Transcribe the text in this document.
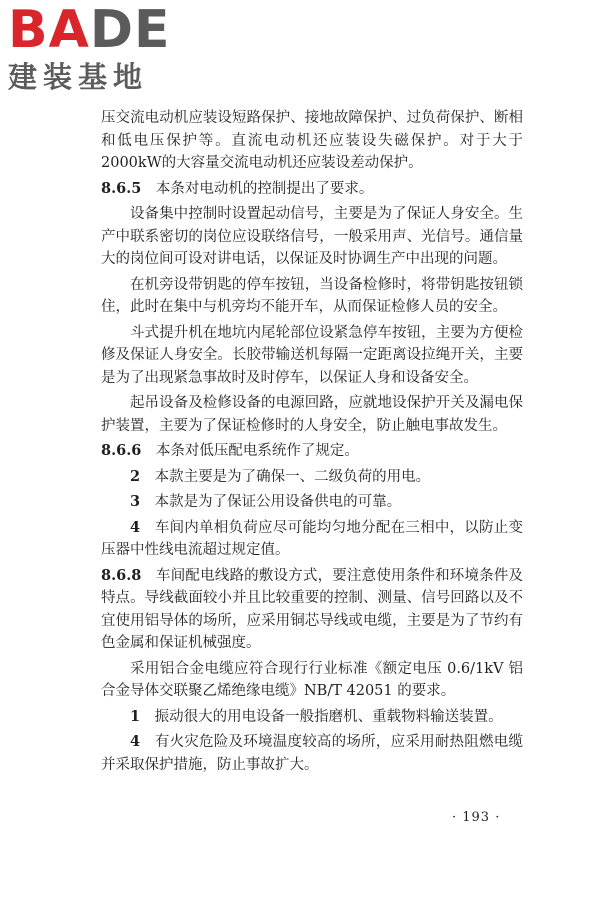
BADE
建装基地

压交流电动机应装设短路保护、接地故障保护、过负荷保护、断相和低电压保护等。直流电动机还应装设失磁保护。对于大于2000kW的大容量交流电动机还应装设差动保护。

8.6.5   本条对电动机的控制提出了要求。

设备集中控制时设置起动信号，主要是为了保证人身安全。生产中联系密切的岗位应设联络信号，一般采用声、光信号。通信量大的岗位间可设对讲电话，以保证及时协调生产中出现的问题。

在机旁设带钥匙的停车按钮，当设备检修时，将带钥匙按钮锁住，此时在集中与机旁均不能开车，从而保证检修人员的安全。

斗式提升机在地坑内尾轮部位设紧急停车按钮，主要为方便检修及保证人身安全。长胶带输送机每隔一定距离设拉绳开关，主要是为了出现紧急事故时及时停车，以保证人身和设备安全。

起吊设备及检修设备的电源回路，应就地设保护开关及漏电保护装置，主要为了保证检修时的人身安全，防止触电事故发生。

8.6.6   本条对低压配电系统作了规定。

2   本款主要是为了确保一、二级负荷的用电。

3   本款是为了保证公用设备供电的可靠。

4   车间内单相负荷应尽可能均匀地分配在三相中，以防止变压器中性线电流超过规定值。

8.6.8   车间配电线路的敷设方式，要注意使用条件和环境条件及特点。导线截面较小并且比较重要的控制、测量、信号回路以及不宜使用铝导体的场所，应采用铜芯导线或电缆，主要是为了节约有色金属和保证机械强度。

采用铝合金电缆应符合现行行业标准《额定电压 0.6/1kV 铝合金导体交联聚乙烯绝缘电缆》NB/T 42051 的要求。

1   振动很大的用电设备一般指磨机、重载物料输送装置。

4   有火灾危险及环境温度较高的场所，应采用耐热阻燃电缆并采取保护措施，防止事故扩大。

· 193 ·
